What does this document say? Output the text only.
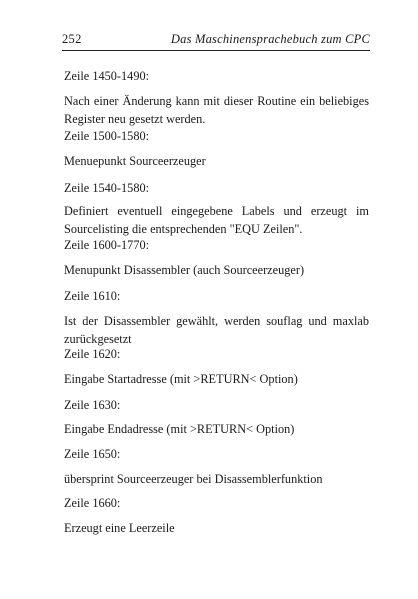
252	Das Maschinensprachebuch zum CPC
Zeile 1450-1490:
Nach einer Änderung kann mit dieser Routine ein beliebiges
Register neu gesetzt werden.
Zeile 1500-1580:
Menuepunkt Sourceerzeuger
Zeile 1540-1580:
Definiert eventuell eingegebene Labels und erzeugt im
Sourcelisting die entsprechenden "EQU Zeilen".
Zeile 1600-1770:
Menupunkt Disassembler (auch Sourceerzeuger)
Zeile 1610:
Ist der Disassembler gewählt, werden souflag und maxlab
zurückgesetzt
Zeile 1620:
Eingabe Startadresse (mit >RETURN< Option)
Zeile 1630:
Eingabe Endadresse (mit >RETURN< Option)
Zeile 1650:
übersprint Sourceerzeuger bei Disassemblerfunktion
Zeile 1660:
Erzeugt eine Leerzeile
